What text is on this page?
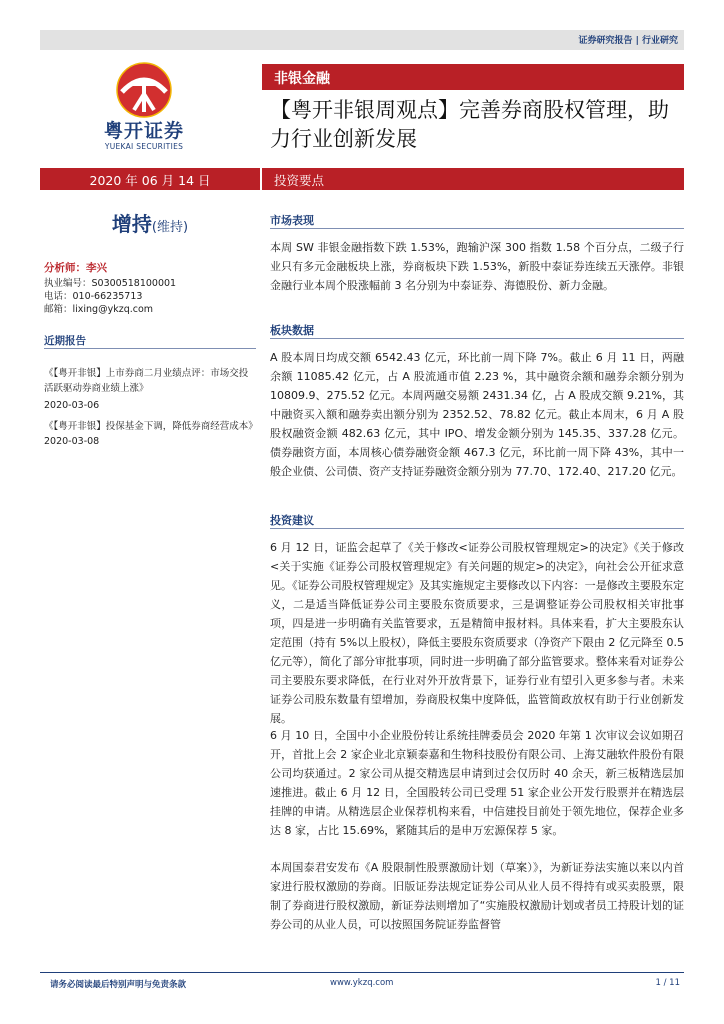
证券研究报告 | 行业研究
粤开证券
YUEKAI SECURITIES
非银金融
【粤开非银周观点】完善券商股权管理，助力行业创新发展
2020 年 06 月 14 日	投资要点
增持(维持)
分析师：李兴
执业编号：S0300518100001
电话：010-66235713
邮箱：lixing@ykzq.com
近期报告
《【粤开非银】上市券商二月业绩点评：市场交投活跃驱动券商业绩上涨》
2020-03-06
《【粤开非银】投保基金下调，降低券商经营成本》2020-03-08
市场表现
本周 SW 非银金融指数下跌 1.53%，跑输沪深 300 指数 1.58 个百分点，二级子行业只有多元金融板块上涨，券商板块下跌 1.53%，新股中泰证券连续五天涨停。非银金融行业本周个股涨幅前 3 名分别为中泰证券、海德股份、新力金融。
板块数据
A 股本周日均成交额 6542.43 亿元，环比前一周下降 7%。截止 6 月 11 日，两融余额 11085.42 亿元，占 A 股流通市值 2.23 %，其中融资余额和融券余额分别为 10809.9、275.52 亿元。本周两融交易额 2431.34 亿，占 A 股成交额 9.21%，其中融资买入额和融券卖出额分别为 2352.52、78.82 亿元。截止本周末，6 月 A 股股权融资金额 482.63 亿元，其中 IPO、增发金额分别为 145.35、337.28 亿元。债券融资方面，本周核心债券融资金额 467.3 亿元，环比前一周下降 43%，其中一般企业债、公司债、资产支持证券融资金额分别为 77.70、172.40、217.20 亿元。
投资建议
6 月 12 日，证监会起草了《关于修改<证券公司股权管理规定>的决定》《关于修改<关于实施《证券公司股权管理规定》有关问题的规定>的决定》，向社会公开征求意见。《证券公司股权管理规定》及其实施规定主要修改以下内容：一是修改主要股东定义，二是适当降低证券公司主要股东资质要求，三是调整证券公司股权相关审批事项，四是进一步明确有关监管要求，五是精简申报材料。具体来看，扩大主要股东认定范围（持有 5%以上股权），降低主要股东资质要求（净资产下限由 2 亿元降至 0.5 亿元等），简化了部分审批事项，同时进一步明确了部分监管要求。整体来看对证券公司主要股东要求降低，在行业对外开放背景下，证券行业有望引入更多参与者。未来证券公司股东数量有望增加，券商股权集中度降低，监管简政放权有助于行业创新发展。
6 月 10 日，全国中小企业股份转让系统挂牌委员会 2020 年第 1 次审议会议如期召开，首批上会 2 家企业北京颖泰嘉和生物科技股份有限公司、上海艾融软件股份有限公司均获通过。2 家公司从提交精选层申请到过会仅历时 40 余天，新三板精选层加速推进。截止 6 月 12 日，全国股转公司已受理 51 家企业公开发行股票并在精选层挂牌的申请。从精选层企业保荐机构来看，中信建投目前处于领先地位，保荐企业多达 8 家，占比 15.69%，紧随其后的是申万宏源保荐 5 家。
本周国泰君安发布《A 股限制性股票激励计划（草案）》，为新证券法实施以来以内首家进行股权激励的券商。旧版证券法规定证券公司从业人员不得持有或买卖股票，限制了券商进行股权激励，新证券法则增加了“实施股权激励计划或者员工持股计划的证券公司的从业人员，可以按照国务院证券监督管
请务必阅读最后特别声明与免责条款	www.ykzq.com	1 / 11
